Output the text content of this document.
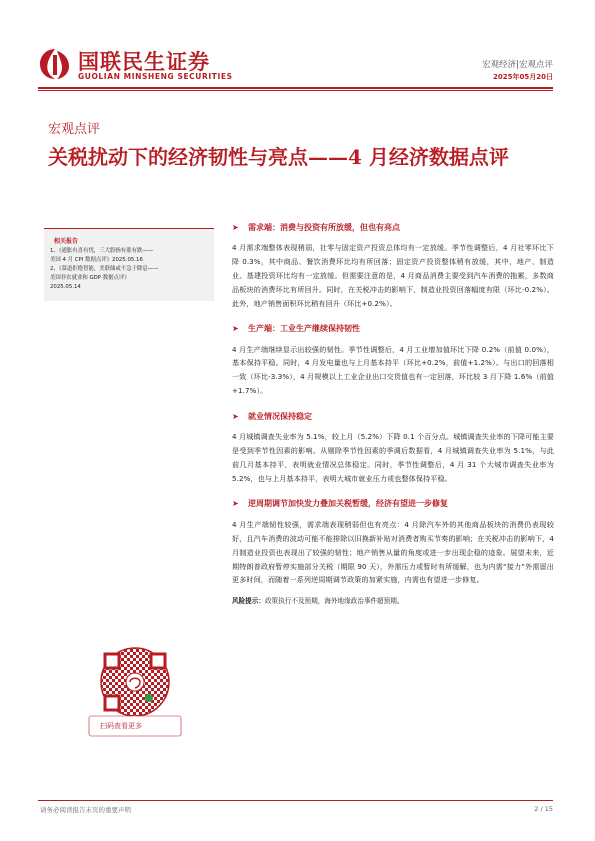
国联民生证券
GUOLIAN MINSHENG SECURITIES
宏观经济|宏观点评
2025年05月20日
宏观点评
关税扰动下的经济韧性与亮点——4 月经济数据点评
相关报告
1、《通胀有喜有忧，三大股指有涨有跌——
美国 4 月 CPI 数据点评》2025.05.16
2、《慕道拒绝智能，美联储或不急于降息——
美国非农就业和 GDP 数据点评》
2025.05.14
扫码查看更多
➤	需求端：消费与投资有所放缓，但也有亮点
4 月需求端整体表现稍弱，社零与固定资产投资总体均有一定放缓。季节性调整后，4 月社零环比下降 0.3%，其中商品、餐饮消费环比均有所回落；固定资产投资整体稍有放缓，其中，地产、制造业、基建投资环比均有一定放缓。但需要注意的是，4 月商品消费主要受到汽车消费的拖累，多数商品板块的消费环比有所回升。同时，在关税冲击的影响下，制造业投资回落幅度有限（环比-0.2%）。此外，地产销售面积环比稍有回升（环比+0.2%）。
➤	生产端：工业生产继续保持韧性
4 月生产端继续显示出较强的韧性。季节性调整后，4 月工业增加值环比下降 0.2%（前值 0.0%），基本保持平稳。同时，4 月发电量也与上月基本持平（环比+0.2%，前值+1.2%）。与出口的回落相一致（环比-3.3%），4 月规模以上工业企业出口交货值也有一定回落，环比较 3 月下降 1.6%（前值+1.7%）。
➤	就业情况保持稳定
4 月城镇调查失业率为 5.1%，较上月（5.2%）下降 0.1 个百分点。城镇调查失业率的下降可能主要是受到季节性因素的影响。从剔除季节性因素的季调后数据看，4 月城镇调查失业率为 5.1%，与此前几月基本持平，表明就业情况总体稳定。同时，季节性调整后，4 月 31 个大城市调查失业率为 5.2%，也与上月基本持平，表明大城市就业压力或也整体保持平稳。
➤	逆周期调节加快发力叠加关税暂缓，经济有望进一步修复
4 月生产端韧性较强，需求端表现稍弱但也有亮点：4 月除汽车外的其他商品板块的消费仍表现较好，且汽车消费的波动可能不能排除以旧换新补贴对消费者购买节奏的影响；在关税冲击的影响下，4 月制造业投资也表现出了较强的韧性；地产销售从量的角度或进一步出现企稳的迹象。展望未来，近期特朗普政府暂停实施部分关税（期限 90 天），外需压力或暂时有所缓解，也为内需“接力”外需留出更多时间，而随着一系列逆周期调节政策的加紧实施，内需也有望进一步修复。
风险提示：政策执行不及预期，海外地缘政治事件超预期。
请务必阅读报告末页的重要声明	2 / 15
